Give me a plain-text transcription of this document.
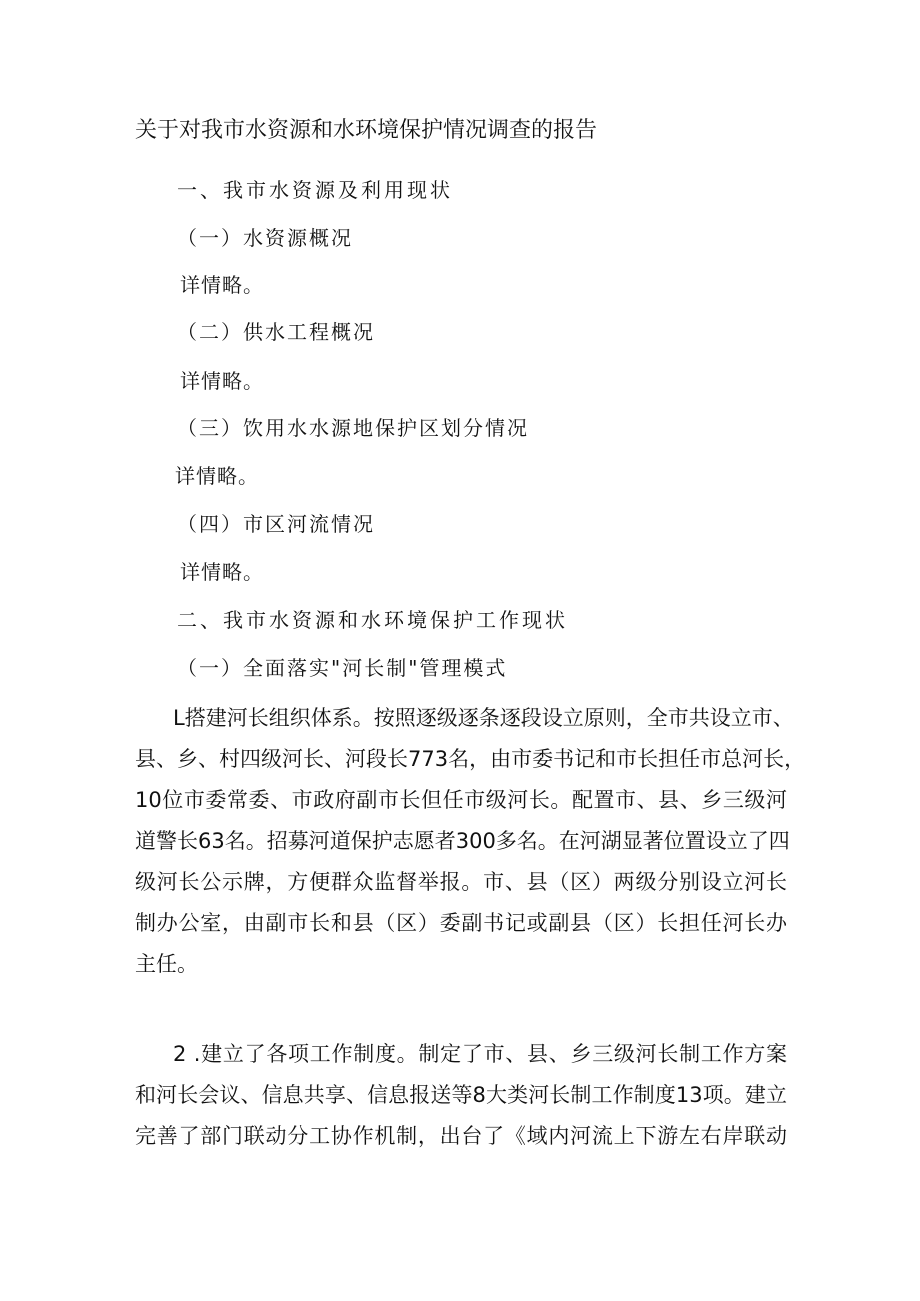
关于对我市水资源和水环境保护情况调查的报告
一、我市水资源及利用现状
（一）水资源概况
详情略。
（二）供水工程概况
详情略。
（三）饮用水水源地保护区划分情况
详情略。
（四）市区河流情况
详情略。
二、我市水资源和水环境保护工作现状
（一）全面落实"河长制"管理模式
L搭建河长组织体系。按照逐级逐条逐段设立原则，全市共设立市、
县、乡、村四级河长、河段长773名，由市委书记和市长担任市总河长，
10位市委常委、市政府副市长但任市级河长。配置市、县、乡三级河
道警长63名。招募河道保护志愿者300多名。在河湖显著位置设立了四
级河长公示牌，方便群众监督举报。市、县（区）两级分别设立河长
制办公室，由副市长和县（区）委副书记或副县（区）长担任河长办
主任。
2 .建立了各项工作制度。制定了市、县、乡三级河长制工作方案
和河长会议、信息共享、信息报送等8大类河长制工作制度13项。建立
完善了部门联动分工协作机制，出台了《域内河流上下游左右岸联动
